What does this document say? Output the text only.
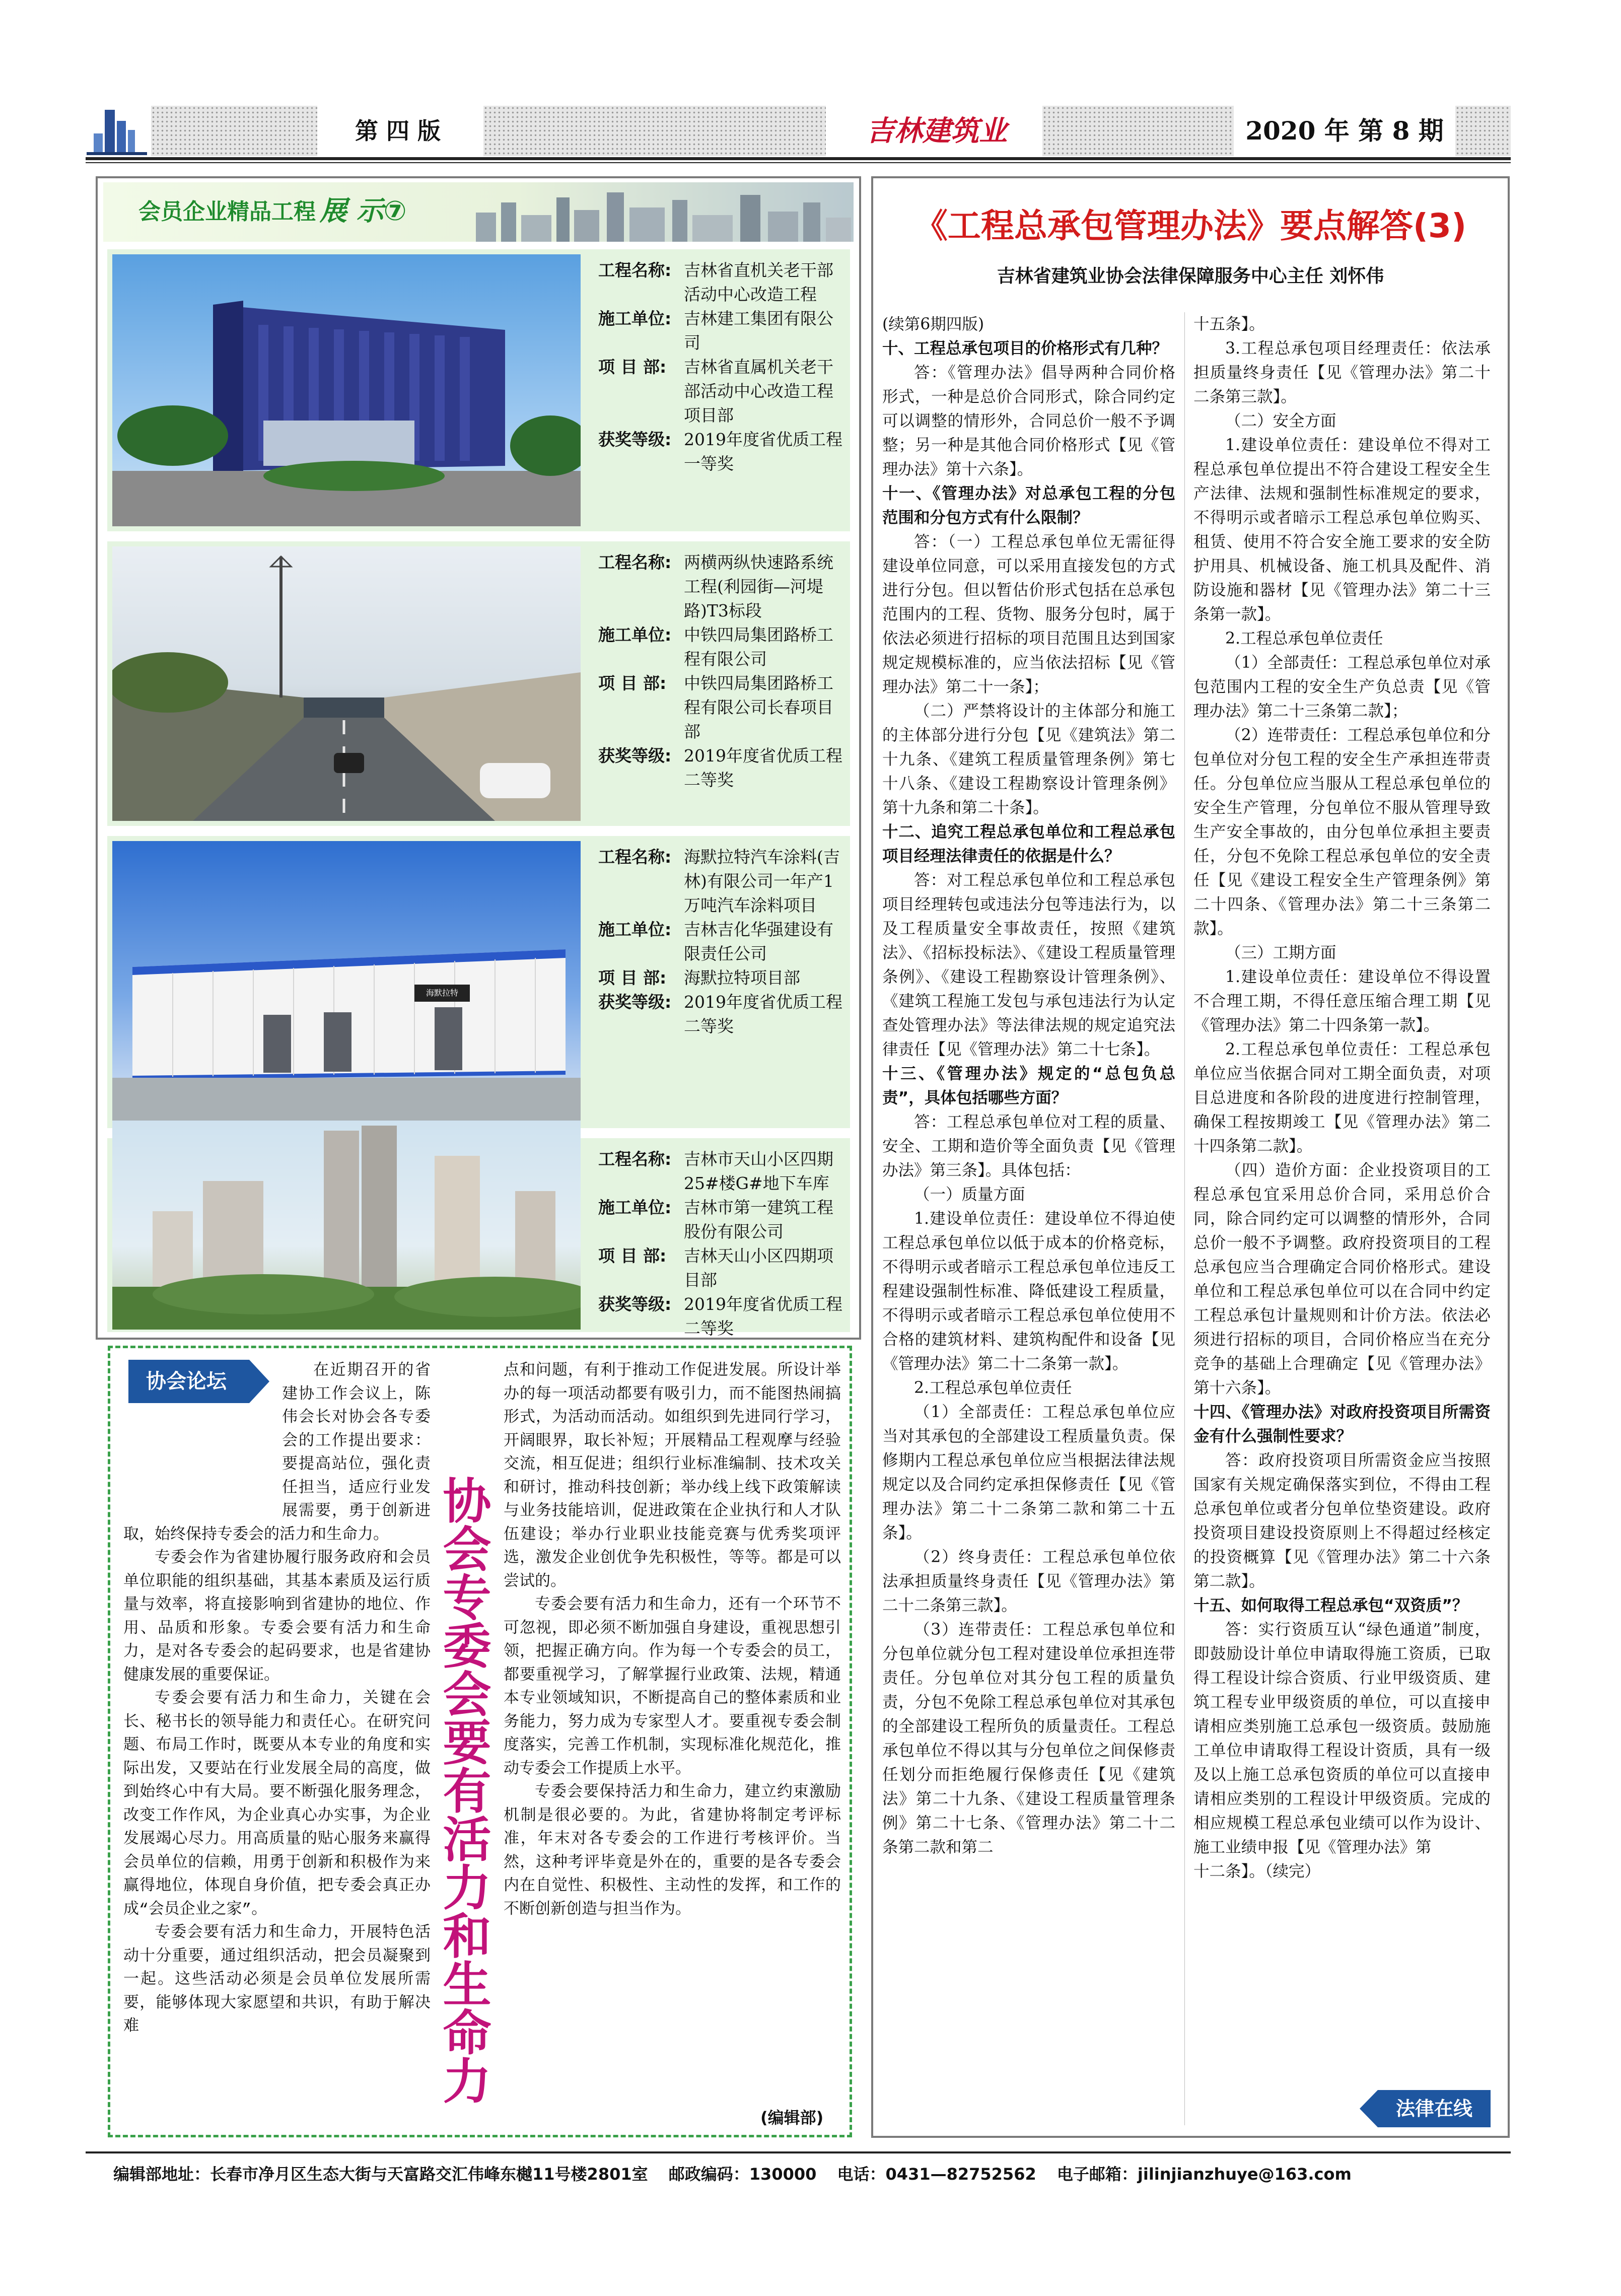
第 四 版	吉林建筑业	2020 年 第 8 期
会员企业精品工程 展 示⑦
工程名称: 吉林省直机关老干部活动中心改造工程
施工单位: 吉林建工集团有限公司
项 目 部:	吉林省直属机关老干部活动中心改造工程项目部
获奖等级: 2019年度省优质工程一等奖
工程名称: 两横两纵快速路系统工程(利园街—河堤路)T3标段
施工单位: 中铁四局集团路桥工程有限公司
项 目 部:	中铁四局集团路桥工程有限公司长春项目部
获奖等级: 2019年度省优质工程二等奖
海默拉特
工程名称: 海默拉特汽车涂料(吉林)有限公司一年产1万吨汽车涂料项目
施工单位: 吉林吉化华强建设有限责任公司
项 目 部:	海默拉特项目部
获奖等级: 2019年度省优质工程二等奖
工程名称: 吉林市天山小区四期25#楼G#地下车库
施工单位: 吉林市第一建筑工程股份有限公司
项 目 部:	吉林天山小区四期项目部
获奖等级: 2019年度省优质工程二等奖
协会论坛
协会专委会要有活力和生命力

在近期召开的省建协工作会议上，陈伟会长对协会各专委会的工作提出要求：要提高站位，强化责任担当，适应行业发展需要，勇于创新进取，始终保持专委会的活力和生命力。

专委会作为省建协履行服务政府和会员单位职能的组织基础，其基本素质及运行质量与效率，将直接影响到省建协的地位、作用、品质和形象。专委会要有活力和生命力，是对各专委会的起码要求，也是省建协健康发展的重要保证。

专委会要有活力和生命力，关键在会长、秘书长的领导能力和责任心。在研究问题、布局工作时，既要从本专业的角度和实际出发，又要站在行业发展全局的高度，做到始终心中有大局。要不断强化服务理念，改变工作作风，为企业真心办实事，为企业发展竭心尽力。用高质量的贴心服务来赢得会员单位的信赖，用勇于创新和积极作为来赢得地位，体现自身价值，把专委会真正办成“会员企业之家”。

专委会要有活力和生命力，开展特色活动十分重要，通过组织活动，把会员凝聚到一起。这些活动必须是会员单位发展所需要，能够体现大家愿望和共识，有助于解决难

点和问题，有利于推动工作促进发展。所设计举办的每一项活动都要有吸引力，而不能图热闹搞形式，为活动而活动。如组织到先进同行学习，开阔眼界，取长补短；开展精品工程观摩与经验交流，相互促进；组织行业标准编制、技术攻关和研讨，推动科技创新；举办线上线下政策解读与业务技能培训，促进政策在企业执行和人才队伍建设；举办行业职业技能竞赛与优秀奖项评选，激发企业创优争先积极性，等等。都是可以尝试的。

专委会要有活力和生命力，还有一个环节不可忽视，即必须不断加强自身建设，重视思想引领，把握正确方向。作为每一个专委会的员工，都要重视学习，了解掌握行业政策、法规，精通本专业领域知识，不断提高自己的整体素质和业务能力，努力成为专家型人才。要重视专委会制度落实，完善工作机制，实现标准化规范化，推动专委会工作提质上水平。

专委会要保持活力和生命力，建立约束激励机制是很必要的。为此，省建协将制定考评标准，年末对各专委会的工作进行考核评价。当然，这种考评毕竟是外在的，重要的是各专委会内在自觉性、积极性、主动性的发挥，和工作的不断创新创造与担当作为。

(编辑部)
《工程总承包管理办法》要点解答(3)
吉林省建筑业协会法律保障服务中心主任 刘怀伟

(续第6期四版)

十、工程总承包项目的价格形式有几种？

答：《管理办法》倡导两种合同价格形式，一种是总价合同形式，除合同约定可以调整的情形外，合同总价一般不予调整；另一种是其他合同价格形式【见《管理办法》第十六条】。

十一、《管理办法》对总承包工程的分包范围和分包方式有什么限制？

答：（一）工程总承包单位无需征得建设单位同意，可以采用直接发包的方式进行分包。但以暂估价形式包括在总承包范围内的工程、货物、服务分包时，属于依法必须进行招标的项目范围且达到国家规定规模标准的，应当依法招标【见《管理办法》第二十一条】；

（二）严禁将设计的主体部分和施工的主体部分进行分包【见《建筑法》第二十九条、《建筑工程质量管理条例》第七十八条、《建设工程勘察设计管理条例》第十九条和第二十条】。

十二、追究工程总承包单位和工程总承包项目经理法律责任的依据是什么？

答：对工程总承包单位和工程总承包项目经理转包或违法分包等违法行为，以及工程质量安全事故责任，按照《建筑法》、《招标投标法》、《建设工程质量管理条例》、《建设工程勘察设计管理条例》、《建筑工程施工发包与承包违法行为认定查处管理办法》等法律法规的规定追究法律责任【见《管理办法》第二十七条】。

十三、《管理办法》规定的“总包负总责”，具体包括哪些方面？

答：工程总承包单位对工程的质量、安全、工期和造价等全面负责【见《管理办法》第三条】。具体包括：

（一）质量方面

1.建设单位责任：建设单位不得迫使工程总承包单位以低于成本的价格竞标，不得明示或者暗示工程总承包单位违反工程建设强制性标准、降低建设工程质量，不得明示或者暗示工程总承包单位使用不合格的建筑材料、建筑构配件和设备【见《管理办法》第二十二条第一款】。

2.工程总承包单位责任

（1）全部责任：工程总承包单位应当对其承包的全部建设工程质量负责。保修期内工程总承包单位应当根据法律法规规定以及合同约定承担保修责任【见《管理办法》第二十二条第二款和第二十五条】。

（2）终身责任：工程总承包单位依法承担质量终身责任【见《管理办法》第二十二条第三款】。

（3）连带责任：工程总承包单位和分包单位就分包工程对建设单位承担连带责任。分包单位对其分包工程的质量负责，分包不免除工程总承包单位对其承包的全部建设工程所负的质量责任。工程总承包单位不得以其与分包单位之间保修责任划分而拒绝履行保修责任【见《建筑法》第二十九条、《建设工程质量管理条例》第二十七条、《管理办法》第二十二条第二款和第二

十五条】。

3.工程总承包项目经理责任：依法承担质量终身责任【见《管理办法》第二十二条第三款】。

（二）安全方面

1.建设单位责任：建设单位不得对工程总承包单位提出不符合建设工程安全生产法律、法规和强制性标准规定的要求，不得明示或者暗示工程总承包单位购买、租赁、使用不符合安全施工要求的安全防护用具、机械设备、施工机具及配件、消防设施和器材【见《管理办法》第二十三条第一款】。

2.工程总承包单位责任

（1）全部责任：工程总承包单位对承包范围内工程的安全生产负总责【见《管理办法》第二十三条第二款】；

（2）连带责任：工程总承包单位和分包单位对分包工程的安全生产承担连带责任。分包单位应当服从工程总承包单位的安全生产管理，分包单位不服从管理导致生产安全事故的，由分包单位承担主要责任，分包不免除工程总承包单位的安全责任【见《建设工程安全生产管理条例》第二十四条、《管理办法》第二十三条第二款】。

（三）工期方面

1.建设单位责任：建设单位不得设置不合理工期，不得任意压缩合理工期【见《管理办法》第二十四条第一款】。

2.工程总承包单位责任：工程总承包单位应当依据合同对工期全面负责，对项目总进度和各阶段的进度进行控制管理，确保工程按期竣工【见《管理办法》第二十四条第二款】。

（四）造价方面：企业投资项目的工程总承包宜采用总价合同，采用总价合同，除合同约定可以调整的情形外，合同总价一般不予调整。政府投资项目的工程总承包应当合理确定合同价格形式。建设单位和工程总承包单位可以在合同中约定工程总承包计量规则和计价方法。依法必须进行招标的项目，合同价格应当在充分竞争的基础上合理确定【见《管理办法》第十六条】。

十四、《管理办法》对政府投资项目所需资金有什么强制性要求？

答：政府投资项目所需资金应当按照国家有关规定确保落实到位，不得由工程总承包单位或者分包单位垫资建设。政府投资项目建设投资原则上不得超过经核定的投资概算【见《管理办法》第二十六条第二款】。

十五、如何取得工程总承包“双资质”？

答：实行资质互认“绿色通道”制度，即鼓励设计单位申请取得施工资质，已取得工程设计综合资质、行业甲级资质、建筑工程专业甲级资质的单位，可以直接申请相应类别施工总承包一级资质。鼓励施工单位申请取得工程设计资质，具有一级及以上施工总承包资质的单位可以直接申请相应类别的工程设计甲级资质。完成的相应规模工程总承包业绩可以作为设计、施工业绩申报【见《管理办法》第

十二条】。（续完）

法律在线
编辑部地址：长春市净月区生态大街与天富路交汇伟峰东樾11号楼2801室 邮政编码：130000 电话：0431—82752562 电子邮箱：jilinjianzhuye@163.com
